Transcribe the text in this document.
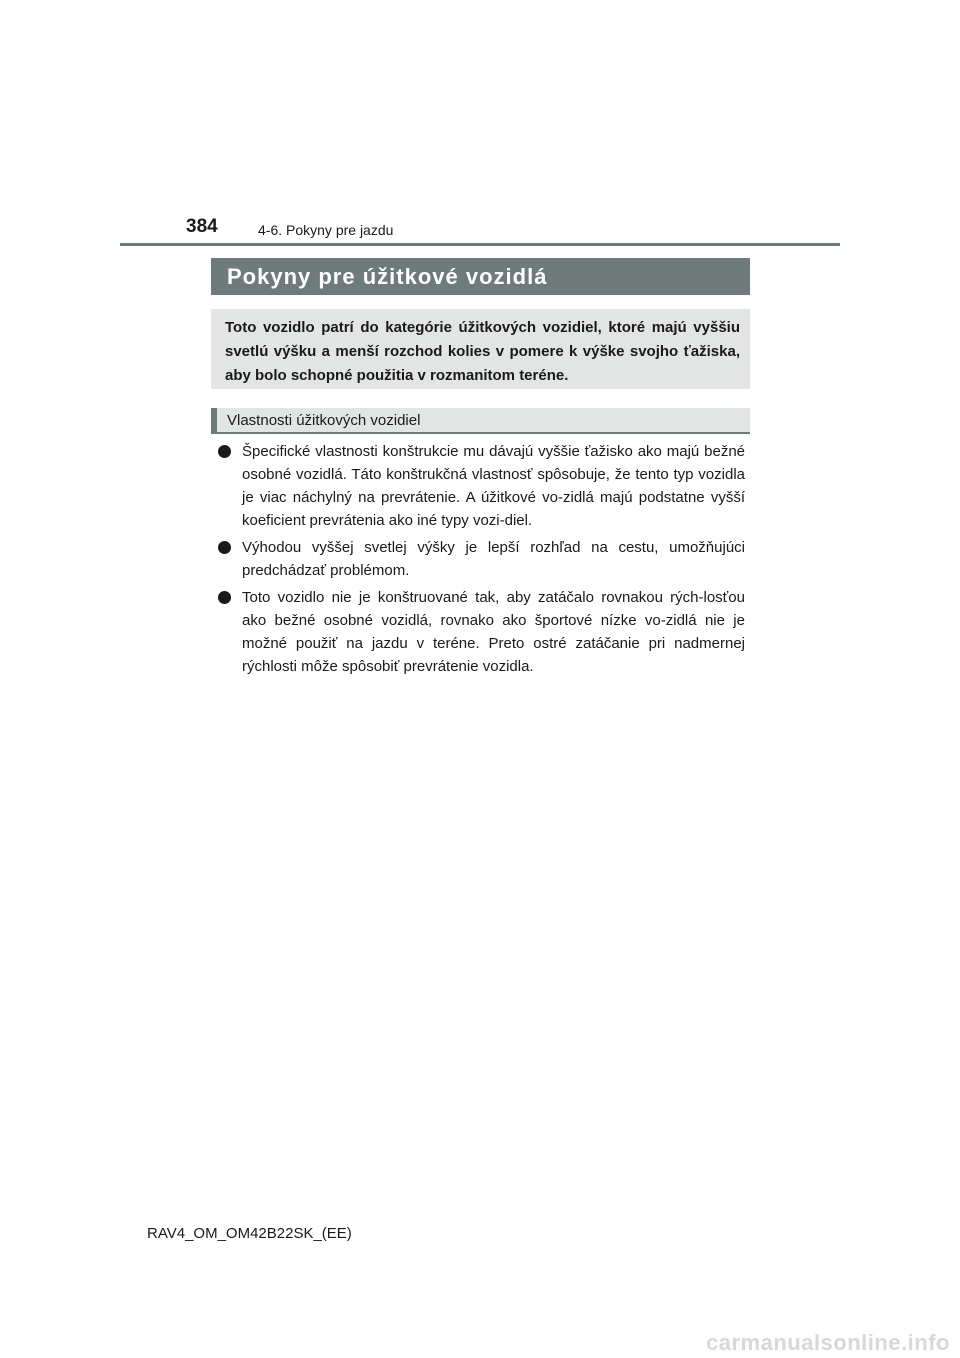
384	4-6. Pokyny pre jazdu
Pokyny pre úžitkové vozidlá
Toto vozidlo patrí do kategórie úžitkových vozidiel, ktoré majú vyššiu svetlú výšku a menší rozchod kolies v pomere k výške svojho ťažiska, aby bolo schopné použitia v rozmanitom teréne.
Vlastnosti úžitkových vozidiel
Špecifické vlastnosti konštrukcie mu dávajú vyššie ťažisko ako majú bežné osobné vozidlá. Táto konštrukčná vlastnosť spôsobuje, že tento typ vozidla je viac náchylný na prevrátenie. A úžitkové vo-zidlá majú podstatne vyšší koeficient prevrátenia ako iné typy vozi-diel.
Výhodou vyššej svetlej výšky je lepší rozhľad na cestu, umožňujúci predchádzať problémom.
Toto vozidlo nie je konštruované tak, aby zatáčalo rovnakou rých-losťou ako bežné osobné vozidlá, rovnako ako športové nízke vo-zidlá nie je možné použiť na jazdu v teréne. Preto ostré zatáčanie pri nadmernej rýchlosti môže spôsobiť prevrátenie vozidla.
RAV4_OM_OM42B22SK_(EE)
carmanualsonline.info
